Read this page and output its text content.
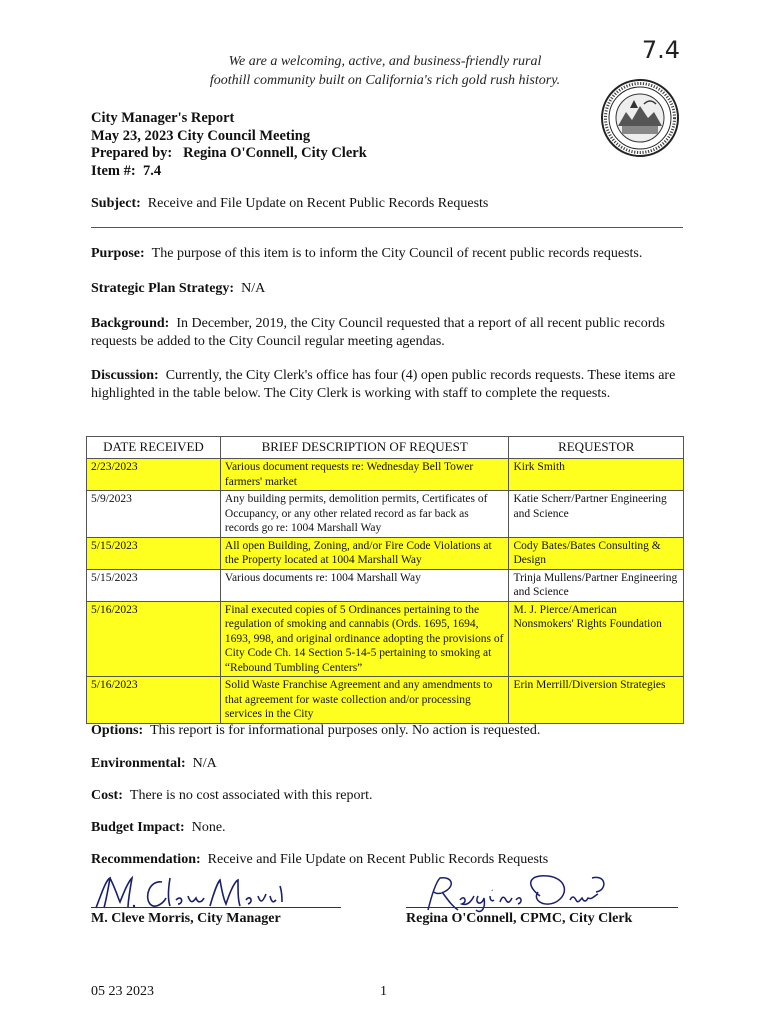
7.4
We are a welcoming, active, and business-friendly rural
foothill community built on California's rich gold rush history.
City Manager's Report
May 23, 2023 City Council Meeting
Prepared by: Regina O'Connell, City Clerk
Item #: 7.4
Subject: Receive and File Update on Recent Public Records Requests
Purpose: The purpose of this item is to inform the City Council of recent public records requests.
Strategic Plan Strategy: N/A
Background: In December, 2019, the City Council requested that a report of all recent public records requests be added to the City Council regular meeting agendas.
Discussion: Currently, the City Clerk's office has four (4) open public records requests. These items are highlighted in the table below. The City Clerk is working with staff to complete the requests.
DATE RECEIVED	BRIEF DESCRIPTION OF REQUEST	REQUESTOR
2/23/2023	Various document requests re: Wednesday Bell Tower farmers' market	Kirk Smith
5/9/2023	Any building permits, demolition permits, Certificates of Occupancy, or any other related record as far back as records go re: 1004 Marshall Way	Katie Scherr/Partner Engineering and Science
5/15/2023	All open Building, Zoning, and/or Fire Code Violations at the Property located at 1004 Marshall Way	Cody Bates/Bates Consulting & Design
5/15/2023	Various documents re: 1004 Marshall Way	Trinja Mullens/Partner Engineering and Science
5/16/2023	Final executed copies of 5 Ordinances pertaining to the regulation of smoking and cannabis (Ords. 1695, 1694, 1693, 998, and original ordinance adopting the provisions of City Code Ch. 14 Section 5-14-5 pertaining to smoking at “Rebound Tumbling Centers”	M. J. Pierce/American Nonsmokers' Rights Foundation
5/16/2023	Solid Waste Franchise Agreement and any amendments to that agreement for waste collection and/or processing services in the City	Erin Merrill/Diversion Strategies
Options: This report is for informational purposes only. No action is requested.
Environmental: N/A
Cost: There is no cost associated with this report.
Budget Impact: None.
Recommendation: Receive and File Update on Recent Public Records Requests
M. Cleve Morris, City Manager	Regina O'Connell, CPMC, City Clerk
05 23 2023	1
